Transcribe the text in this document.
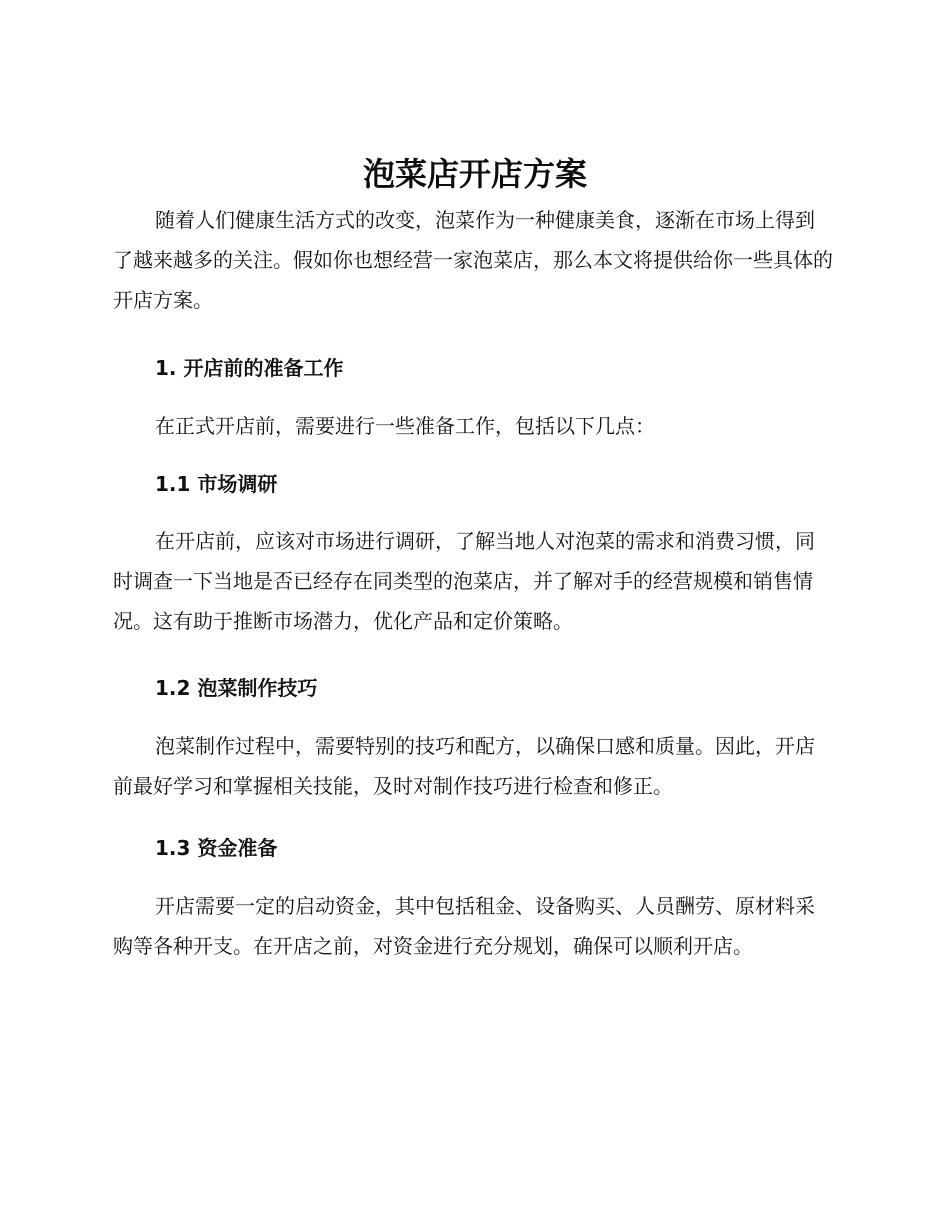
泡菜店开店方案

随着人们健康生活方式的改变，泡菜作为一种健康美食，逐渐在市场上得到了越来越多的关注。假如你也想经营一家泡菜店，那么本文将提供给你一些具体的开店方案。

1. 开店前的准备工作

在正式开店前，需要进行一些准备工作，包括以下几点：

1.1 市场调研

在开店前，应该对市场进行调研，了解当地人对泡菜的需求和消费习惯，同时调查一下当地是否已经存在同类型的泡菜店，并了解对手的经营规模和销售情况。这有助于推断市场潜力，优化产品和定价策略。

1.2 泡菜制作技巧

泡菜制作过程中，需要特别的技巧和配方，以确保口感和质量。因此，开店前最好学习和掌握相关技能，及时对制作技巧进行检查和修正。

1.3 资金准备

开店需要一定的启动资金，其中包括租金、设备购买、人员酬劳、原材料采购等各种开支。在开店之前，对资金进行充分规划，确保可以顺利开店。
